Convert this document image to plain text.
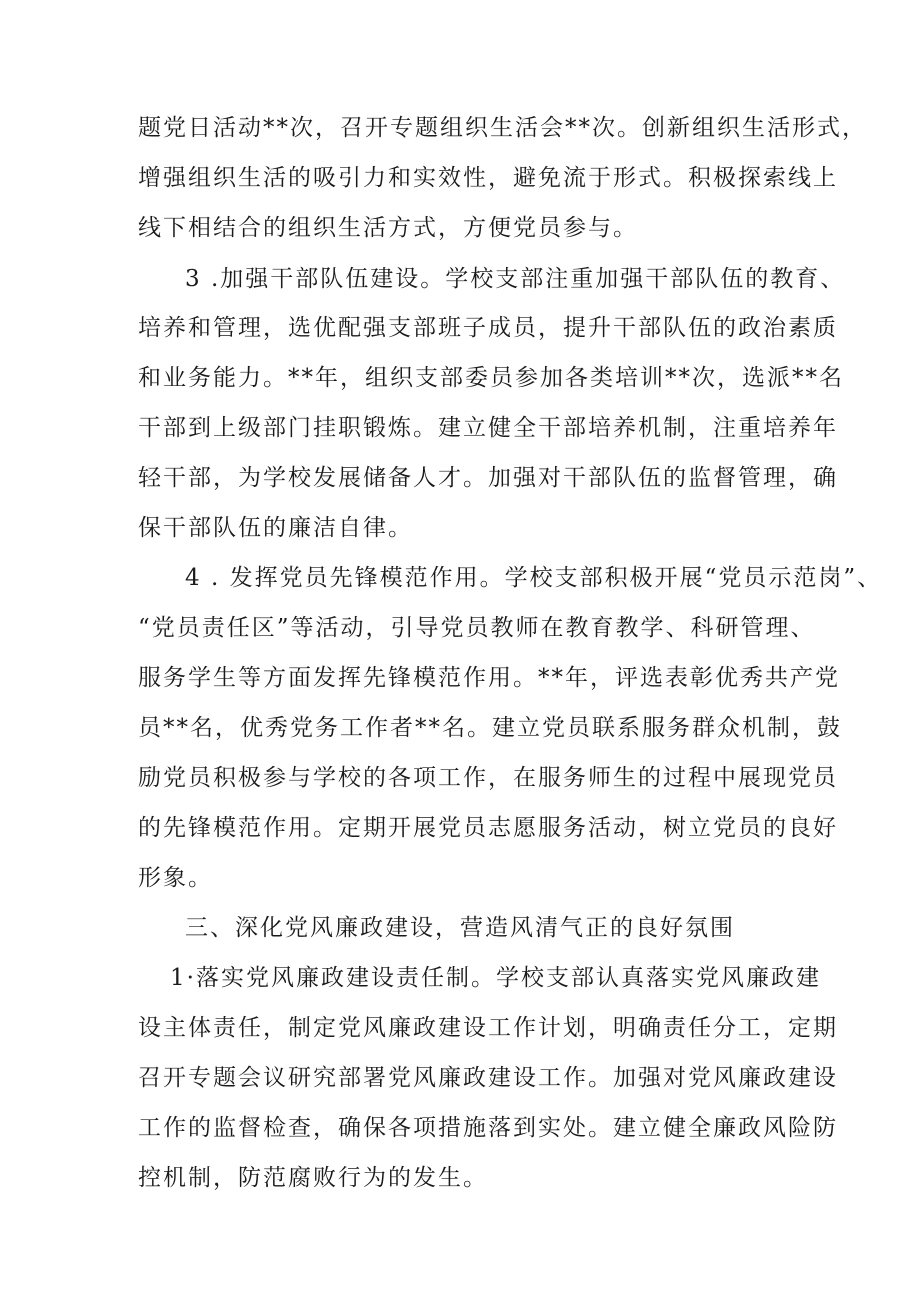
题党日活动**次，召开专题组织生活会**次。创新组织生活形式，
增强组织生活的吸引力和实效性，避免流于形式。积极探索线上
线下相结合的组织生活方式，方便党员参与。
3 .加强干部队伍建设。学校支部注重加强干部队伍的教育、
培养和管理，选优配强支部班子成员，提升干部队伍的政治素质
和业务能力。**年，组织支部委员参加各类培训**次，选派**名
干部到上级部门挂职锻炼。建立健全干部培养机制，注重培养年
轻干部，为学校发展储备人才。加强对干部队伍的监督管理，确
保干部队伍的廉洁自律。
4 . 发挥党员先锋模范作用。学校支部积极开展“党员示范岗”、
“党员责任区”等活动，引导党员教师在教育教学、科研管理、
服务学生等方面发挥先锋模范作用。**年，评选表彰优秀共产党
员**名，优秀党务工作者**名。建立党员联系服务群众机制，鼓
励党员积极参与学校的各项工作，在服务师生的过程中展现党员
的先锋模范作用。定期开展党员志愿服务活动，树立党员的良好
形象。
三、深化党风廉政建设，营造风清气正的良好氛围
1·落实党风廉政建设责任制。学校支部认真落实党风廉政建
设主体责任，制定党风廉政建设工作计划，明确责任分工，定期
召开专题会议研究部署党风廉政建设工作。加强对党风廉政建设
工作的监督检查，确保各项措施落到实处。建立健全廉政风险防
控机制，防范腐败行为的发生。
